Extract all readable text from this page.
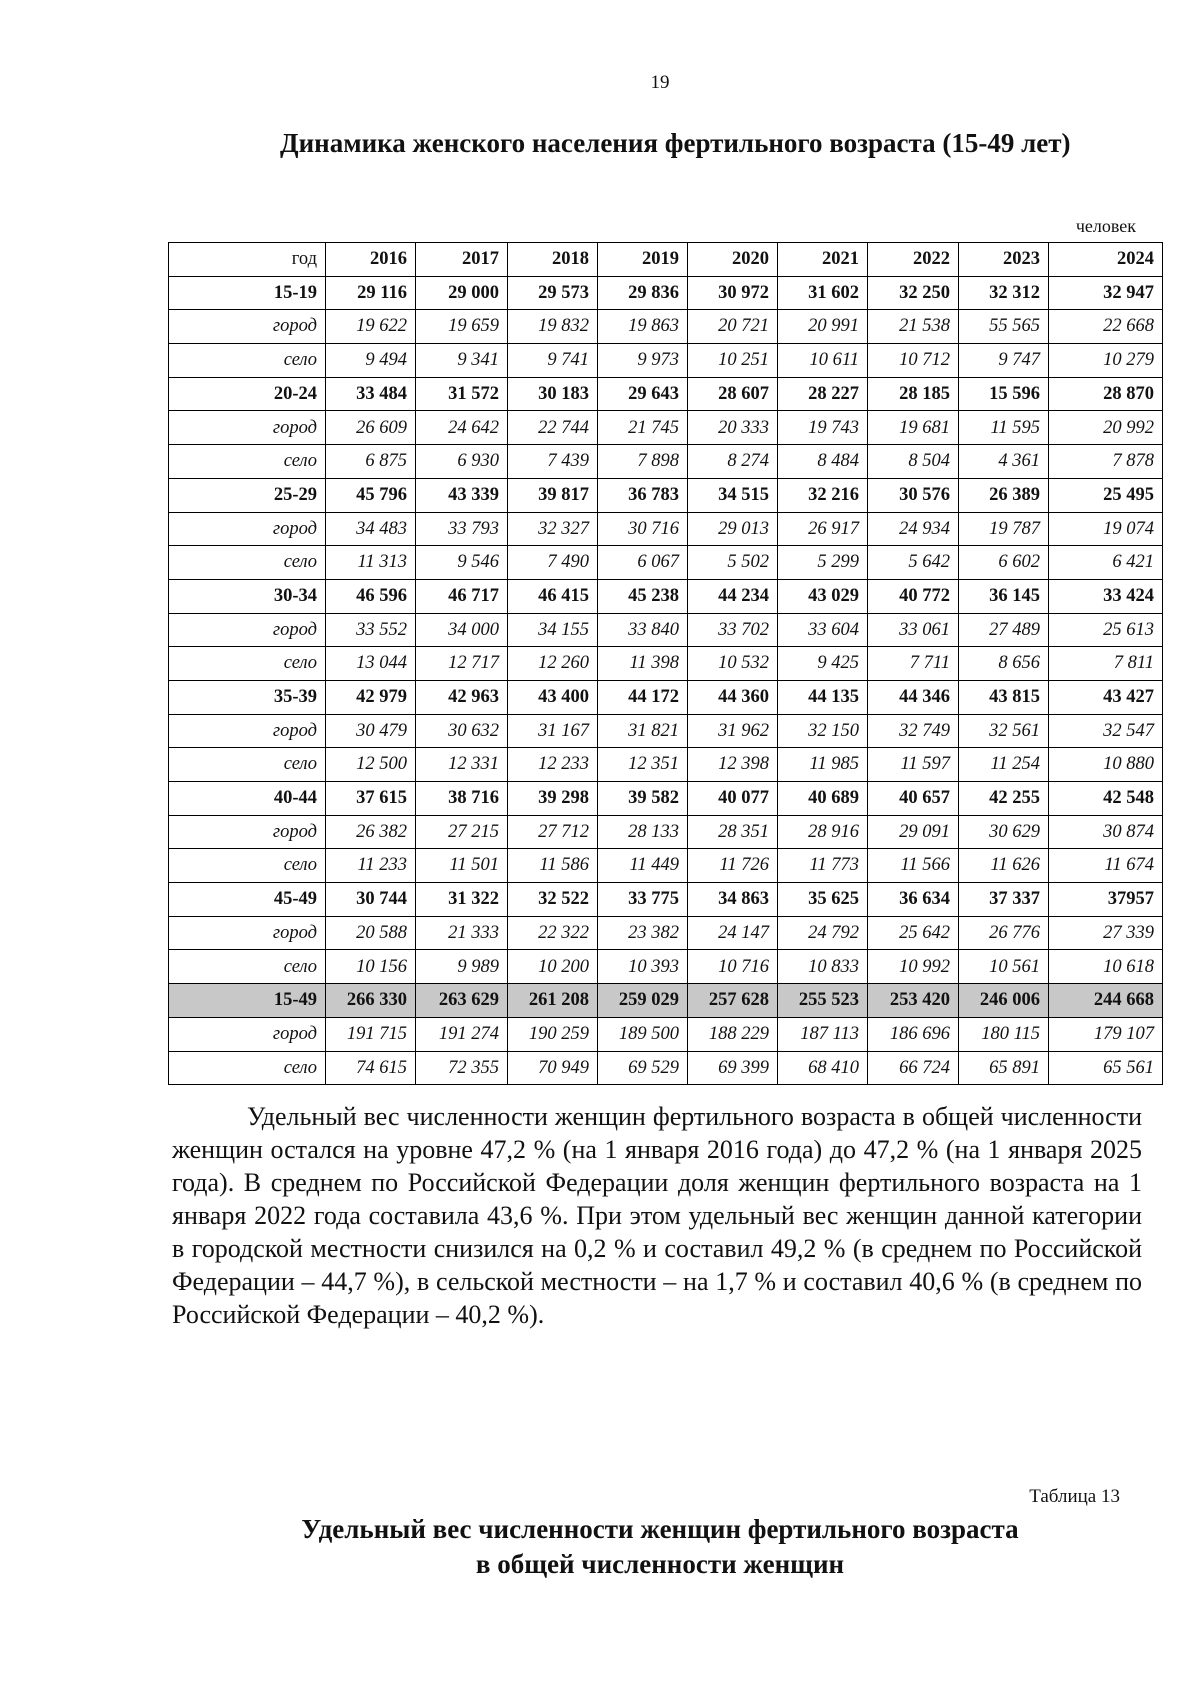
19
Динамика женского населения фертильного возраста (15-49 лет)
человек
год	2016	2017	2018	2019	2020	2021	2022	2023	2024
15-19	29 116	29 000	29 573	29 836	30 972	31 602	32 250	32 312	32 947
город	19 622	19 659	19 832	19 863	20 721	20 991	21 538	55 565	22 668
село	9 494	9 341	9 741	9 973	10 251	10 611	10 712	9 747	10 279
20-24	33 484	31 572	30 183	29 643	28 607	28 227	28 185	15 596	28 870
город	26 609	24 642	22 744	21 745	20 333	19 743	19 681	11 595	20 992
село	6 875	6 930	7 439	7 898	8 274	8 484	8 504	4 361	7 878
25-29	45 796	43 339	39 817	36 783	34 515	32 216	30 576	26 389	25 495
город	34 483	33 793	32 327	30 716	29 013	26 917	24 934	19 787	19 074
село	11 313	9 546	7 490	6 067	5 502	5 299	5 642	6 602	6 421
30-34	46 596	46 717	46 415	45 238	44 234	43 029	40 772	36 145	33 424
город	33 552	34 000	34 155	33 840	33 702	33 604	33 061	27 489	25 613
село	13 044	12 717	12 260	11 398	10 532	9 425	7 711	8 656	7 811
35-39	42 979	42 963	43 400	44 172	44 360	44 135	44 346	43 815	43 427
город	30 479	30 632	31 167	31 821	31 962	32 150	32 749	32 561	32 547
село	12 500	12 331	12 233	12 351	12 398	11 985	11 597	11 254	10 880
40-44	37 615	38 716	39 298	39 582	40 077	40 689	40 657	42 255	42 548
город	26 382	27 215	27 712	28 133	28 351	28 916	29 091	30 629	30 874
село	11 233	11 501	11 586	11 449	11 726	11 773	11 566	11 626	11 674
45-49	30 744	31 322	32 522	33 775	34 863	35 625	36 634	37 337	37957
город	20 588	21 333	22 322	23 382	24 147	24 792	25 642	26 776	27 339
село	10 156	9 989	10 200	10 393	10 716	10 833	10 992	10 561	10 618
15-49	266 330	263 629	261 208	259 029	257 628	255 523	253 420	246 006	244 668
город	191 715	191 274	190 259	189 500	188 229	187 113	186 696	180 115	179 107
село	74 615	72 355	70 949	69 529	69 399	68 410	66 724	65 891	65 561

Удельный вес численности женщин фертильного возраста в общей численности женщин остался на уровне 47,2 % (на 1 января 2016 года) до 47,2 % (на 1 января 2025 года). В среднем по Российской Федерации доля женщин фертильного возраста на 1 января 2022 года составила 43,6 %. При этом удельный вес женщин данной категории в городской местности снизился на 0,2 % и составил 49,2 % (в среднем по Российской Федерации – 44,7 %), в сельской местности – на 1,7 % и составил 40,6 % (в среднем по Российской Федерации – 40,2 %).

Таблица 13
Удельный вес численности женщин фертильного возраста
в общей численности женщин
